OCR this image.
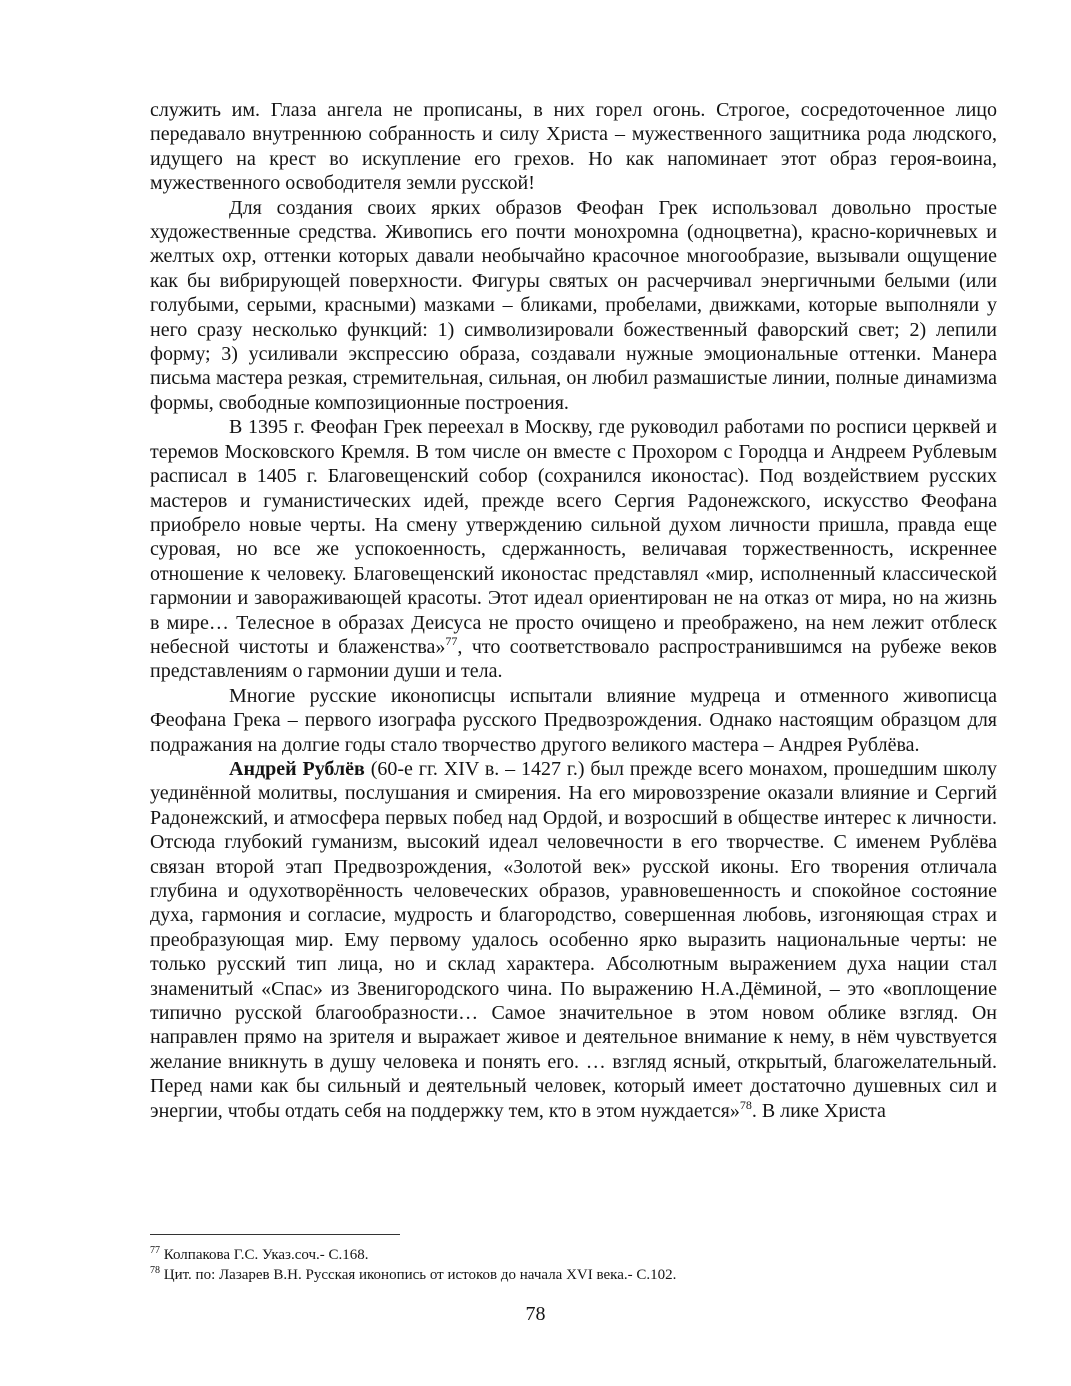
служить им. Глаза ангела не прописаны, в них горел огонь. Строгое, сосредоточенное лицо передавало внутреннюю собранность и силу Христа – мужественного защитника рода людского, идущего на крест во искупление его грехов. Но как напоминает этот образ героя-воина, мужественного освободителя земли русской!

Для создания своих ярких образов Феофан Грек использовал довольно простые художественные средства. Живопись его почти монохромна (одноцветна), красно-коричневых и желтых охр, оттенки которых давали необычайно красочное многообразие, вызывали ощущение как бы вибрирующей поверхности. Фигуры святых он расчерчивал энергичными белыми (или голубыми, серыми, красными) мазками – бликами, пробелами, движками, которые выполняли у него сразу несколько функций: 1) символизировали божественный фаворский свет; 2) лепили форму; 3) усиливали экспрессию образа, создавали нужные эмоциональные оттенки. Манера письма мастера резкая, стремительная, сильная, он любил размашистые линии, полные динамизма формы, свободные композиционные построения.

В 1395 г. Феофан Грек переехал в Москву, где руководил работами по росписи церквей и теремов Московского Кремля. В том числе он вместе с Прохором с Городца и Андреем Рублевым расписал в 1405 г. Благовещенский собор (сохранился иконостас). Под воздействием русских мастеров и гуманистических идей, прежде всего Сергия Радонежского, искусство Феофана приобрело новые черты. На смену утверждению сильной духом личности пришла, правда еще суровая, но все же успокоенность, сдержанность, величавая торжественность, искреннее отношение к человеку. Благовещенский иконостас представлял «мир, исполненный классической гармонии и завораживающей красоты. Этот идеал ориентирован не на отказ от мира, но на жизнь в мире… Телесное в образах Деисуса не просто очищено и преображено, на нем лежит отблеск небесной чистоты и блаженства»$^{77}$, что соответствовало распространившимся на рубеже веков представлениям о гармонии души и тела.

Многие русские иконописцы испытали влияние мудреца и отменного живописца Феофана Грека – первого изографа русского Предвозрождения. Однако настоящим образцом для подражания на долгие годы стало творчество другого великого мастера – Андрея Рублёва.

Андрей Рублёв (60-е гг. XIV в. – 1427 г.) был прежде всего монахом, прошедшим школу уединённой молитвы, послушания и смирения. На его мировоззрение оказали влияние и Сергий Радонежский, и атмосфера первых побед над Ордой, и возросший в обществе интерес к личности. Отсюда глубокий гуманизм, высокий идеал человечности в его творчестве. С именем Рублёва связан второй этап Предвозрождения, «Золотой век» русской иконы. Его творения отличала глубина и одухотворённость человеческих образов, уравновешенность и спокойное состояние духа, гармония и согласие, мудрость и благородство, совершенная любовь, изгоняющая страх и преобразующая мир. Ему первому удалось особенно ярко выразить национальные черты: не только русский тип лица, но и склад характера. Абсолютным выражением духа нации стал знаменитый «Спас» из Звенигородского чина. По выражению Н.А.Дёминой, – это «воплощение типично русской благообразности… Самое значительное в этом новом облике взгляд. Он направлен прямо на зрителя и выражает живое и деятельное внимание к нему, в нём чувствуется желание вникнуть в душу человека и понять его. … взгляд ясный, открытый, благожелательный. Перед нами как бы сильный и деятельный человек, который имеет достаточно душевных сил и энергии, чтобы отдать себя на поддержку тем, кто в этом нуждается»$^{78}$. В лике Христа

$^{77}$ Колпакова Г.С. Указ.соч.- С.168.
$^{78}$ Цит. по: Лазарев В.Н. Русская иконопись от истоков до начала XVI века.- С.102.
78
